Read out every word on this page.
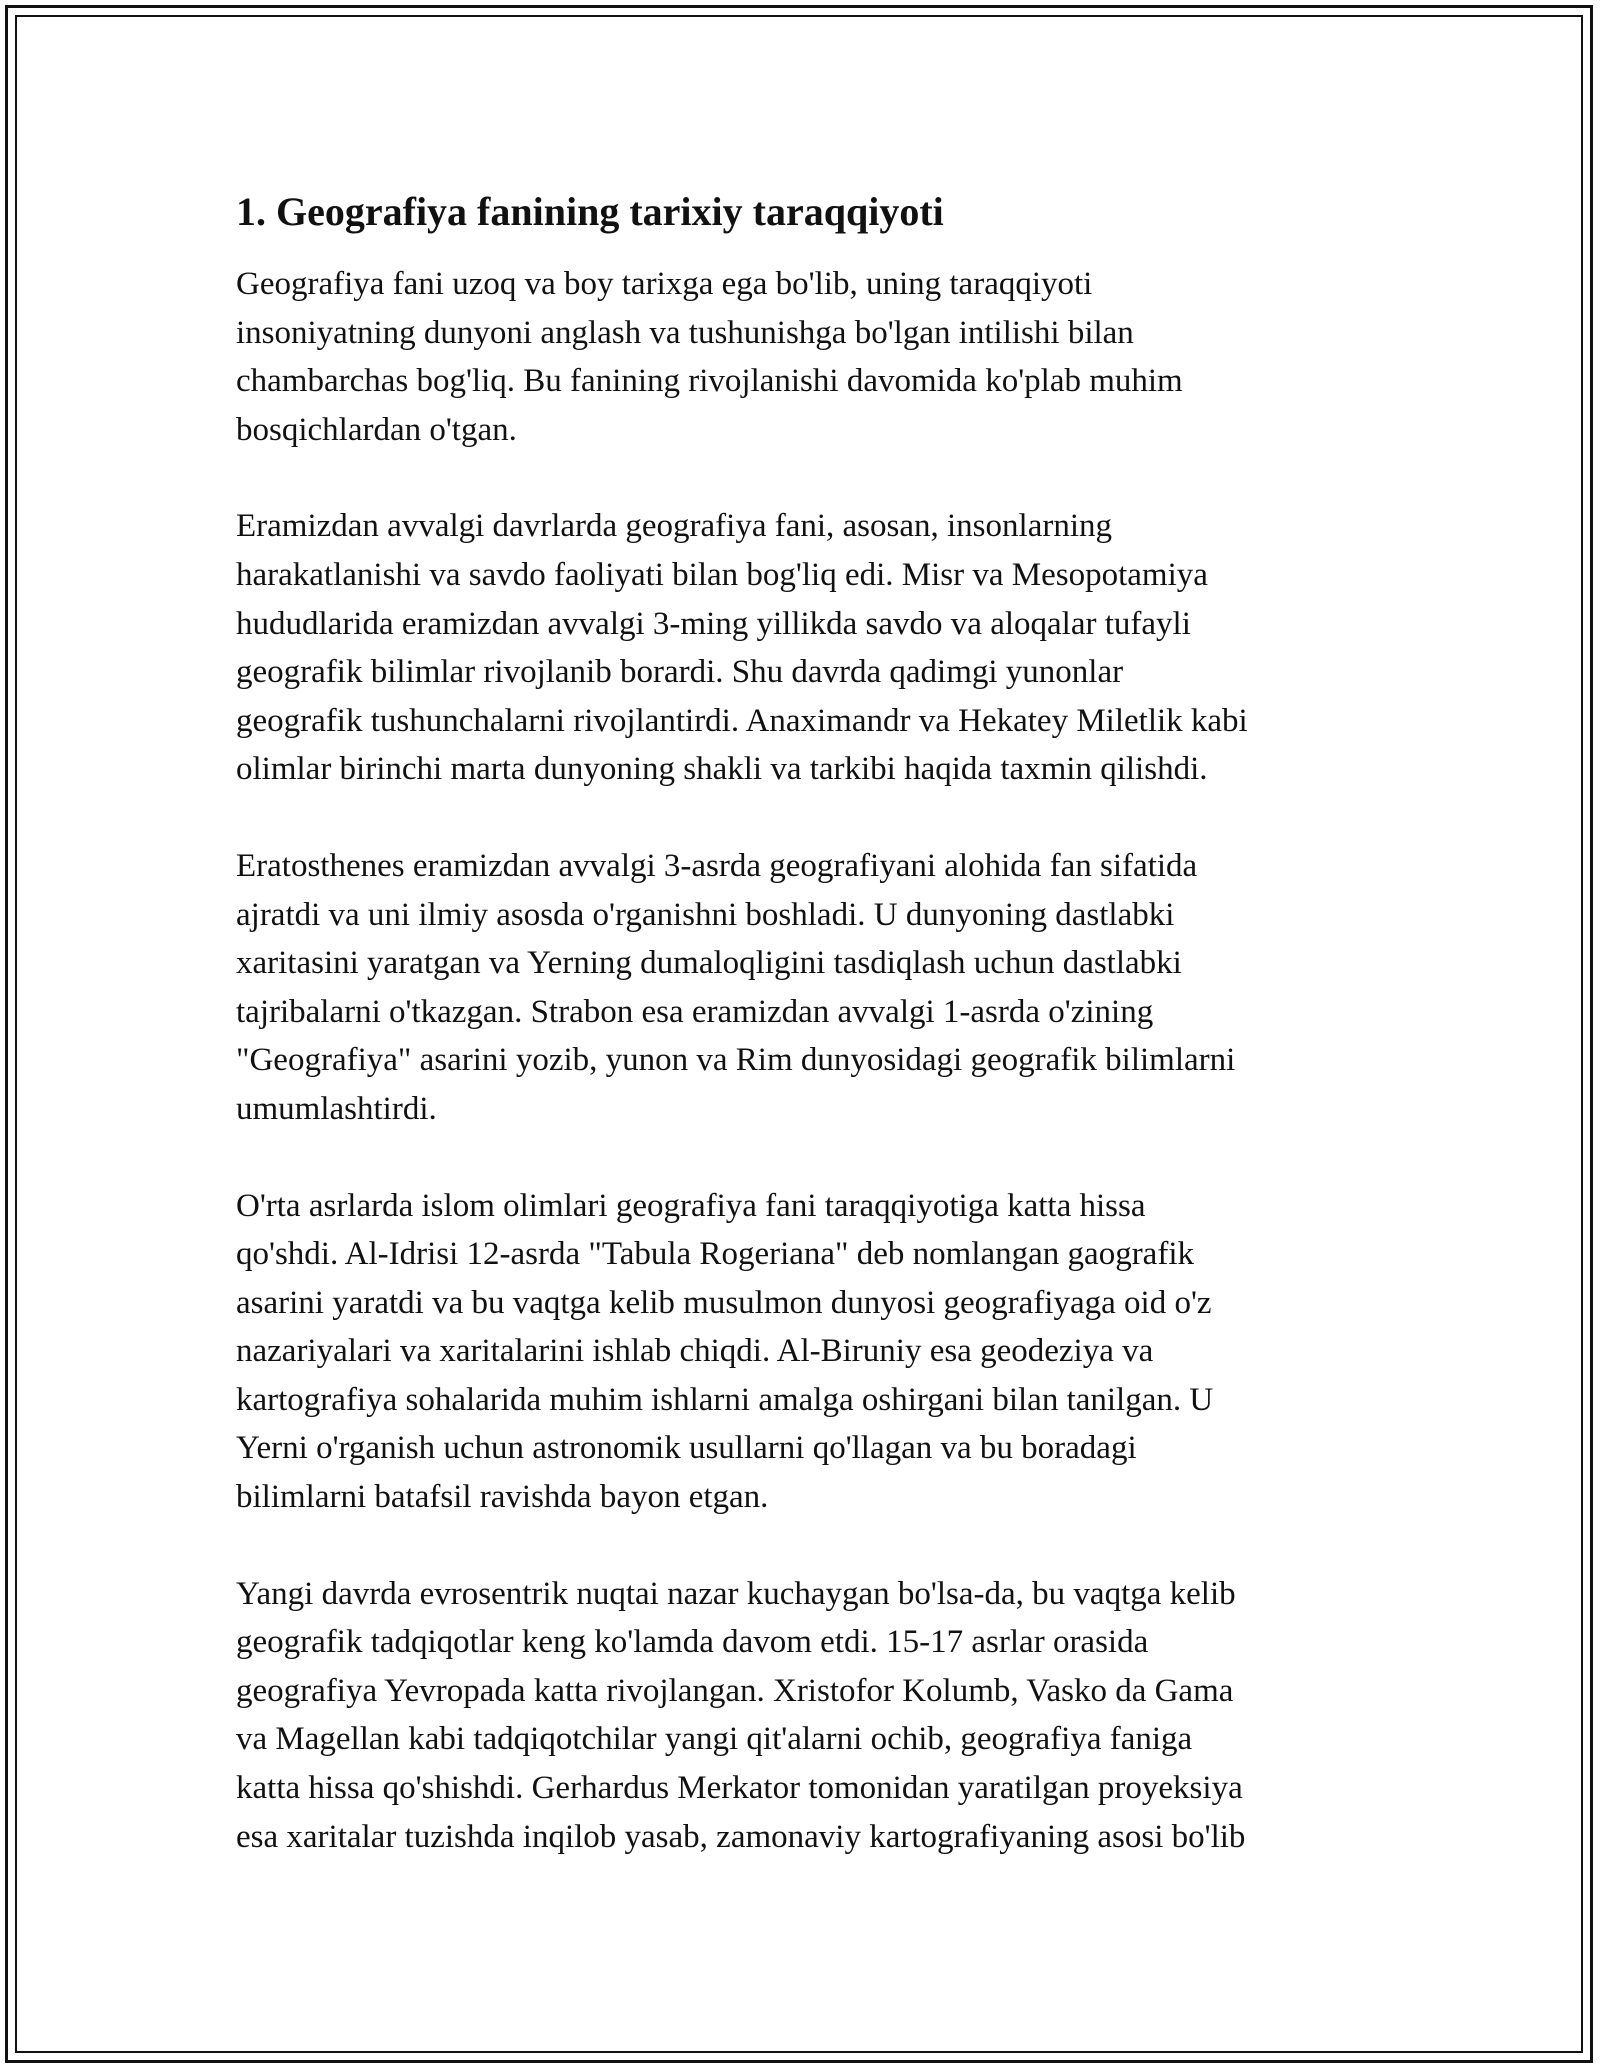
1. Geografiya fanining tarixiy taraqqiyoti

Geografiya fani uzoq va boy tarixga ega bo'lib, uning taraqqiyoti
insoniyatning dunyoni anglash va tushunishga bo'lgan intilishi bilan
chambarchas bog'liq. Bu fanining rivojlanishi davomida ko'plab muhim
bosqichlardan o'tgan.

Eramizdan avvalgi davrlarda geografiya fani, asosan, insonlarning
harakatlanishi va savdo faoliyati bilan bog'liq edi. Misr va Mesopotamiya
hududlarida eramizdan avvalgi 3-ming yillikda savdo va aloqalar tufayli
geografik bilimlar rivojlanib borardi. Shu davrda qadimgi yunonlar
geografik tushunchalarni rivojlantirdi. Anaximandr va Hekatey Miletlik kabi
olimlar birinchi marta dunyoning shakli va tarkibi haqida taxmin qilishdi.

Eratosthenes eramizdan avvalgi 3-asrda geografiyani alohida fan sifatida
ajratdi va uni ilmiy asosda o'rganishni boshladi. U dunyoning dastlabki
xaritasini yaratgan va Yerning dumaloqligini tasdiqlash uchun dastlabki
tajribalarni o'tkazgan. Strabon esa eramizdan avvalgi 1-asrda o'zining
"Geografiya" asarini yozib, yunon va Rim dunyosidagi geografik bilimlarni
umumlashtirdi.

O'rta asrlarda islom olimlari geografiya fani taraqqiyotiga katta hissa
qo'shdi. Al-Idrisi 12-asrda "Tabula Rogeriana" deb nomlangan gaografik
asarini yaratdi va bu vaqtga kelib musulmon dunyosi geografiyaga oid o'z
nazariyalari va xaritalarini ishlab chiqdi. Al-Biruniy esa geodeziya va
kartografiya sohalarida muhim ishlarni amalga oshirgani bilan tanilgan. U
Yerni o'rganish uchun astronomik usullarni qo'llagan va bu boradagi
bilimlarni batafsil ravishda bayon etgan.

Yangi davrda evrosentrik nuqtai nazar kuchaygan bo'lsa-da, bu vaqtga kelib
geografik tadqiqotlar keng ko'lamda davom etdi. 15-17 asrlar orasida
geografiya Yevropada katta rivojlangan. Xristofor Kolumb, Vasko da Gama
va Magellan kabi tadqiqotchilar yangi qit'alarni ochib, geografiya faniga
katta hissa qo'shishdi. Gerhardus Merkator tomonidan yaratilgan proyeksiya
esa xaritalar tuzishda inqilob yasab, zamonaviy kartografiyaning asosi bo'lib
